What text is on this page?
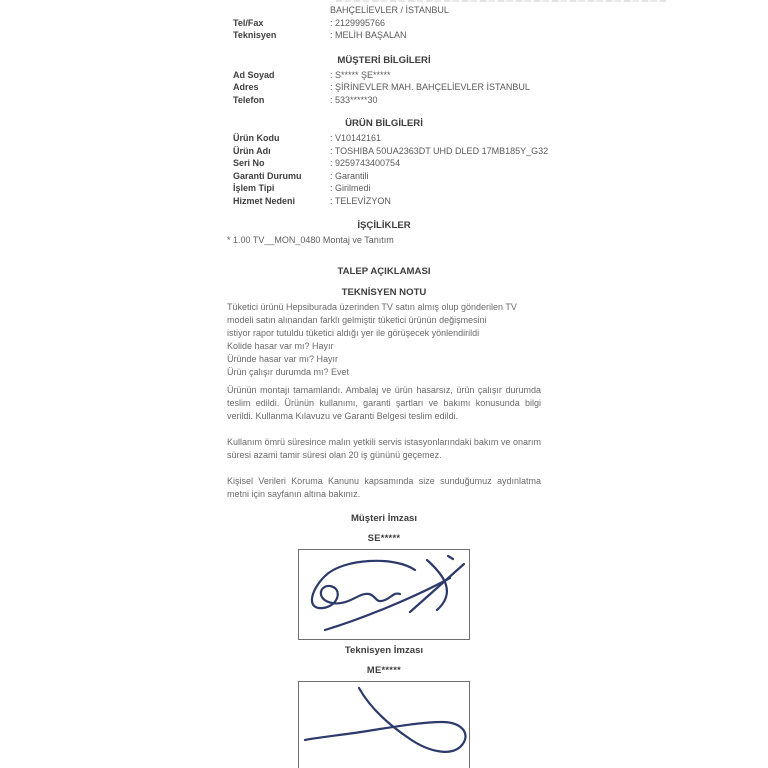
BAHÇELİEVLER / İSTANBUL
Tel/Fax	: 2129995766
Teknisyen	: MELİH BAŞALAN
MÜŞTERİ BİLGİLERİ
Ad Soyad	: S***** ŞE*****
Adres	: ŞİRİNEVLER MAH. BAHÇELİEVLER İSTANBUL
Telefon	: 533*****30
ÜRÜN BİLGİLERİ
Ürün Kodu	: V10142161
Ürün Adı	: TOSHIBA 50UA2363DT UHD DLED 17MB185Y_G32
Seri No	: 9259743400754
Garanti Durumu	: Garantili
İşlem Tipi	: Girilmedi
Hizmet Nedeni	: TELEVİZYON
İŞÇİLİKLER
* 1.00 TV__MON_0480 Montaj ve Tanıtım
TALEP AÇIKLAMASI
TEKNİSYEN NOTU
Tüketici ürünü Hepsiburada üzerinden TV satın almış olup gönderilen TV
modeli satın alınandan farklı gelmiştir tüketici ürünün değişmesini
istiyor rapor tutuldu tüketici aldığı yer ile görüşecek yönlendirildi
Kolide hasar var mı? Hayır
Üründe hasar var mı? Hayır
Ürün çalışır durumda mı? Evet

Ürünün montajı tamamlandı. Ambalaj ve ürün hasarsız, ürün çalışır durumda teslim edildi. Ürünün kullanımı, garanti şartları ve bakımı konusunda bilgi verildi. Kullanma Kılavuzu ve Garanti Belgesi teslim edildi.

Kullanım ömrü süresince malın yetkili servis istasyonlarındaki bakım ve onarım süresi azami tamir süresi olan 20 iş gününü geçemez.

Kişisel Verileri Koruma Kanunu kapsamında size sunduğumuz aydınlatma metni için sayfanın altına bakınız.

Müşteri İmzası
SE*****
Teknisyen İmzası
ME*****
